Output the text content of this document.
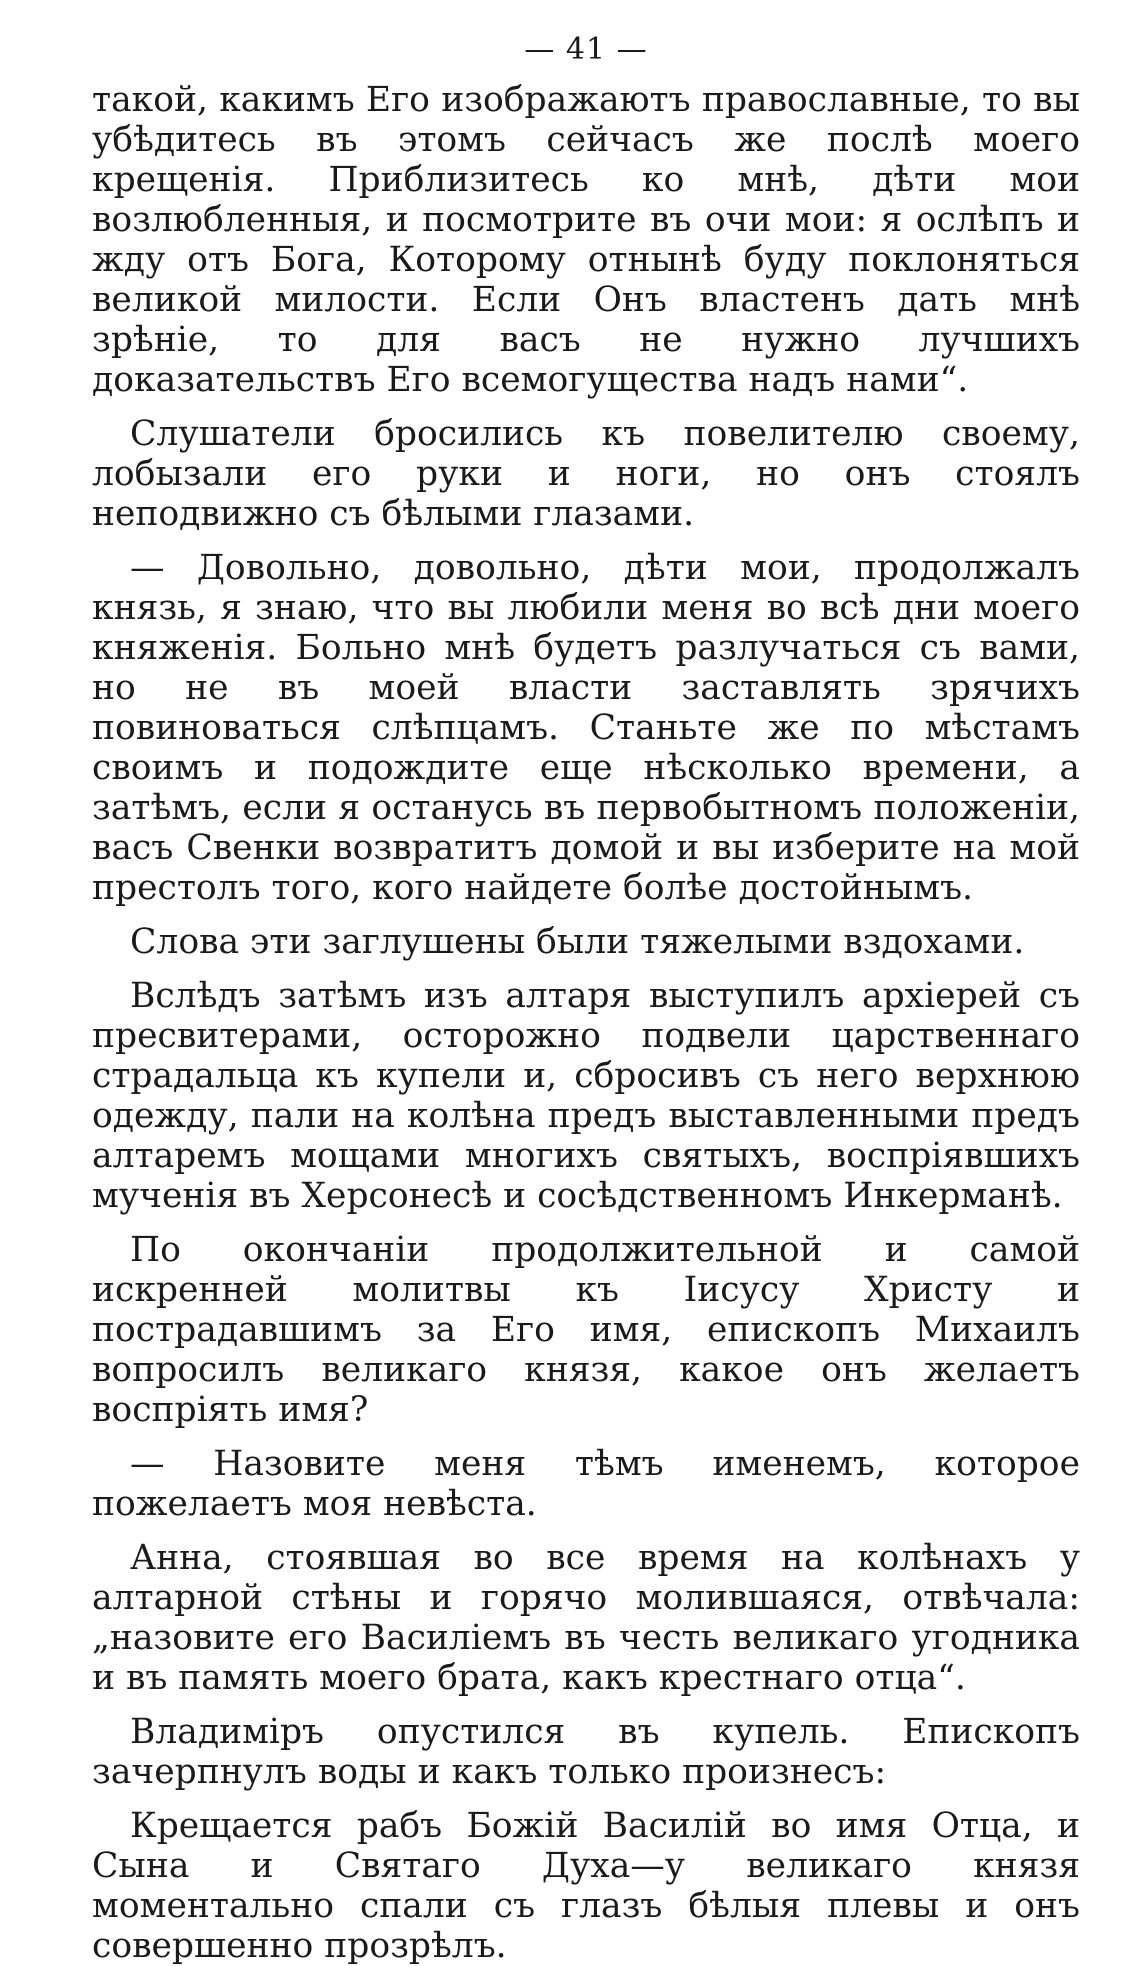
— 41 —

такой, какимъ Его изображаютъ православные, то вы убѣдитесь въ этомъ сейчасъ же послѣ моего крещенія. Приблизитесь ко мнѣ, дѣти мои возлюбленныя, и посмотрите въ очи мои: я ослѣпъ и жду отъ Бога, Которому отнынѣ буду поклоняться великой милости. Если Онъ властенъ дать мнѣ зрѣніе, то для васъ не нужно лучшихъ доказательствъ Его всемогущества надъ нами“.

Слушатели бросились къ повелителю своему, лобызали его руки и ноги, но онъ стоялъ неподвижно съ бѣлыми глазами.

— Довольно, довольно, дѣти мои, продолжалъ князь, я знаю, что вы любили меня во всѣ дни моего княженія. Больно мнѣ будетъ разлучаться съ вами, но не въ моей власти заставлять зрячихъ повиноваться слѣпцамъ. Станьте же по мѣстамъ своимъ и подождите еще нѣсколько времени, а затѣмъ, если я останусь въ первобытномъ положеніи, васъ Свенки возвратитъ домой и вы изберите на мой престолъ того, кого найдете болѣе достойнымъ.

Слова эти заглушены были тяжелыми вздохами.

Вслѣдъ затѣмъ изъ алтаря выступилъ архіерей съ пресвитерами, осторожно подвели царственнаго страдальца къ купели и, сбросивъ съ него верхнюю одежду, пали на колѣна предъ выставленными предъ алтаремъ мощами многихъ святыхъ, воспріявшихъ мученія въ Херсонесѣ и сосѣдственномъ Инкерманѣ.

По окончаніи продолжительной и самой искренней молитвы къ Іисусу Христу и пострадавшимъ за Его имя, епископъ Михаилъ вопросилъ великаго князя, какое онъ желаетъ воспріять имя?

— Назовите меня тѣмъ именемъ, которое пожелаетъ моя невѣста.

Анна, стоявшая во все время на колѣнахъ у алтарной стѣны и горячо молившаяся, отвѣчала: „назовите его Василіемъ въ честь великаго угодника и въ память моего брата, какъ крестнаго отца“.

Владиміръ опустился въ купель. Епископъ зачерпнулъ воды и какъ только произнесъ:

Крещается рабъ Божій Василій во имя Отца, и Сына и Святаго Духа—у великаго князя моментально спали съ глазъ бѣлыя плевы и онъ совершенно прозрѣлъ.
